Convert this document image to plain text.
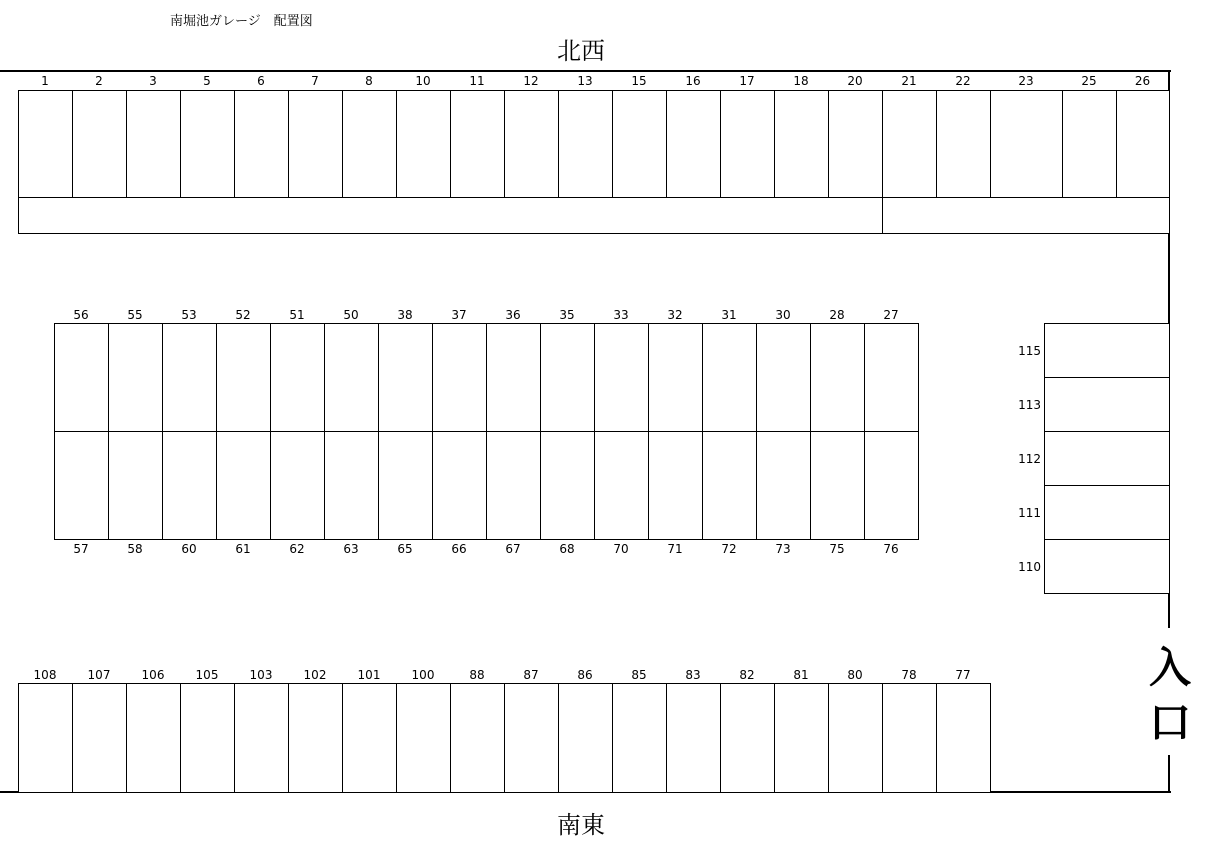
南堀池ガレージ　配置図
北西
南東
入
口
1	2	3	5	6	7	8	10	11	12	13	15	16	17	18	20	21	22	23	25	26
56	55	53	52	51	50	38	37	36	35	33	32	31	30	28	27
57	58	60	61	62	63	65	66	67	68	70	71	72	73	75	76
115
113
112
111
110
108	107	106	105	103	102	101	100	88	87	86	85	83	82	81	80	78	77
